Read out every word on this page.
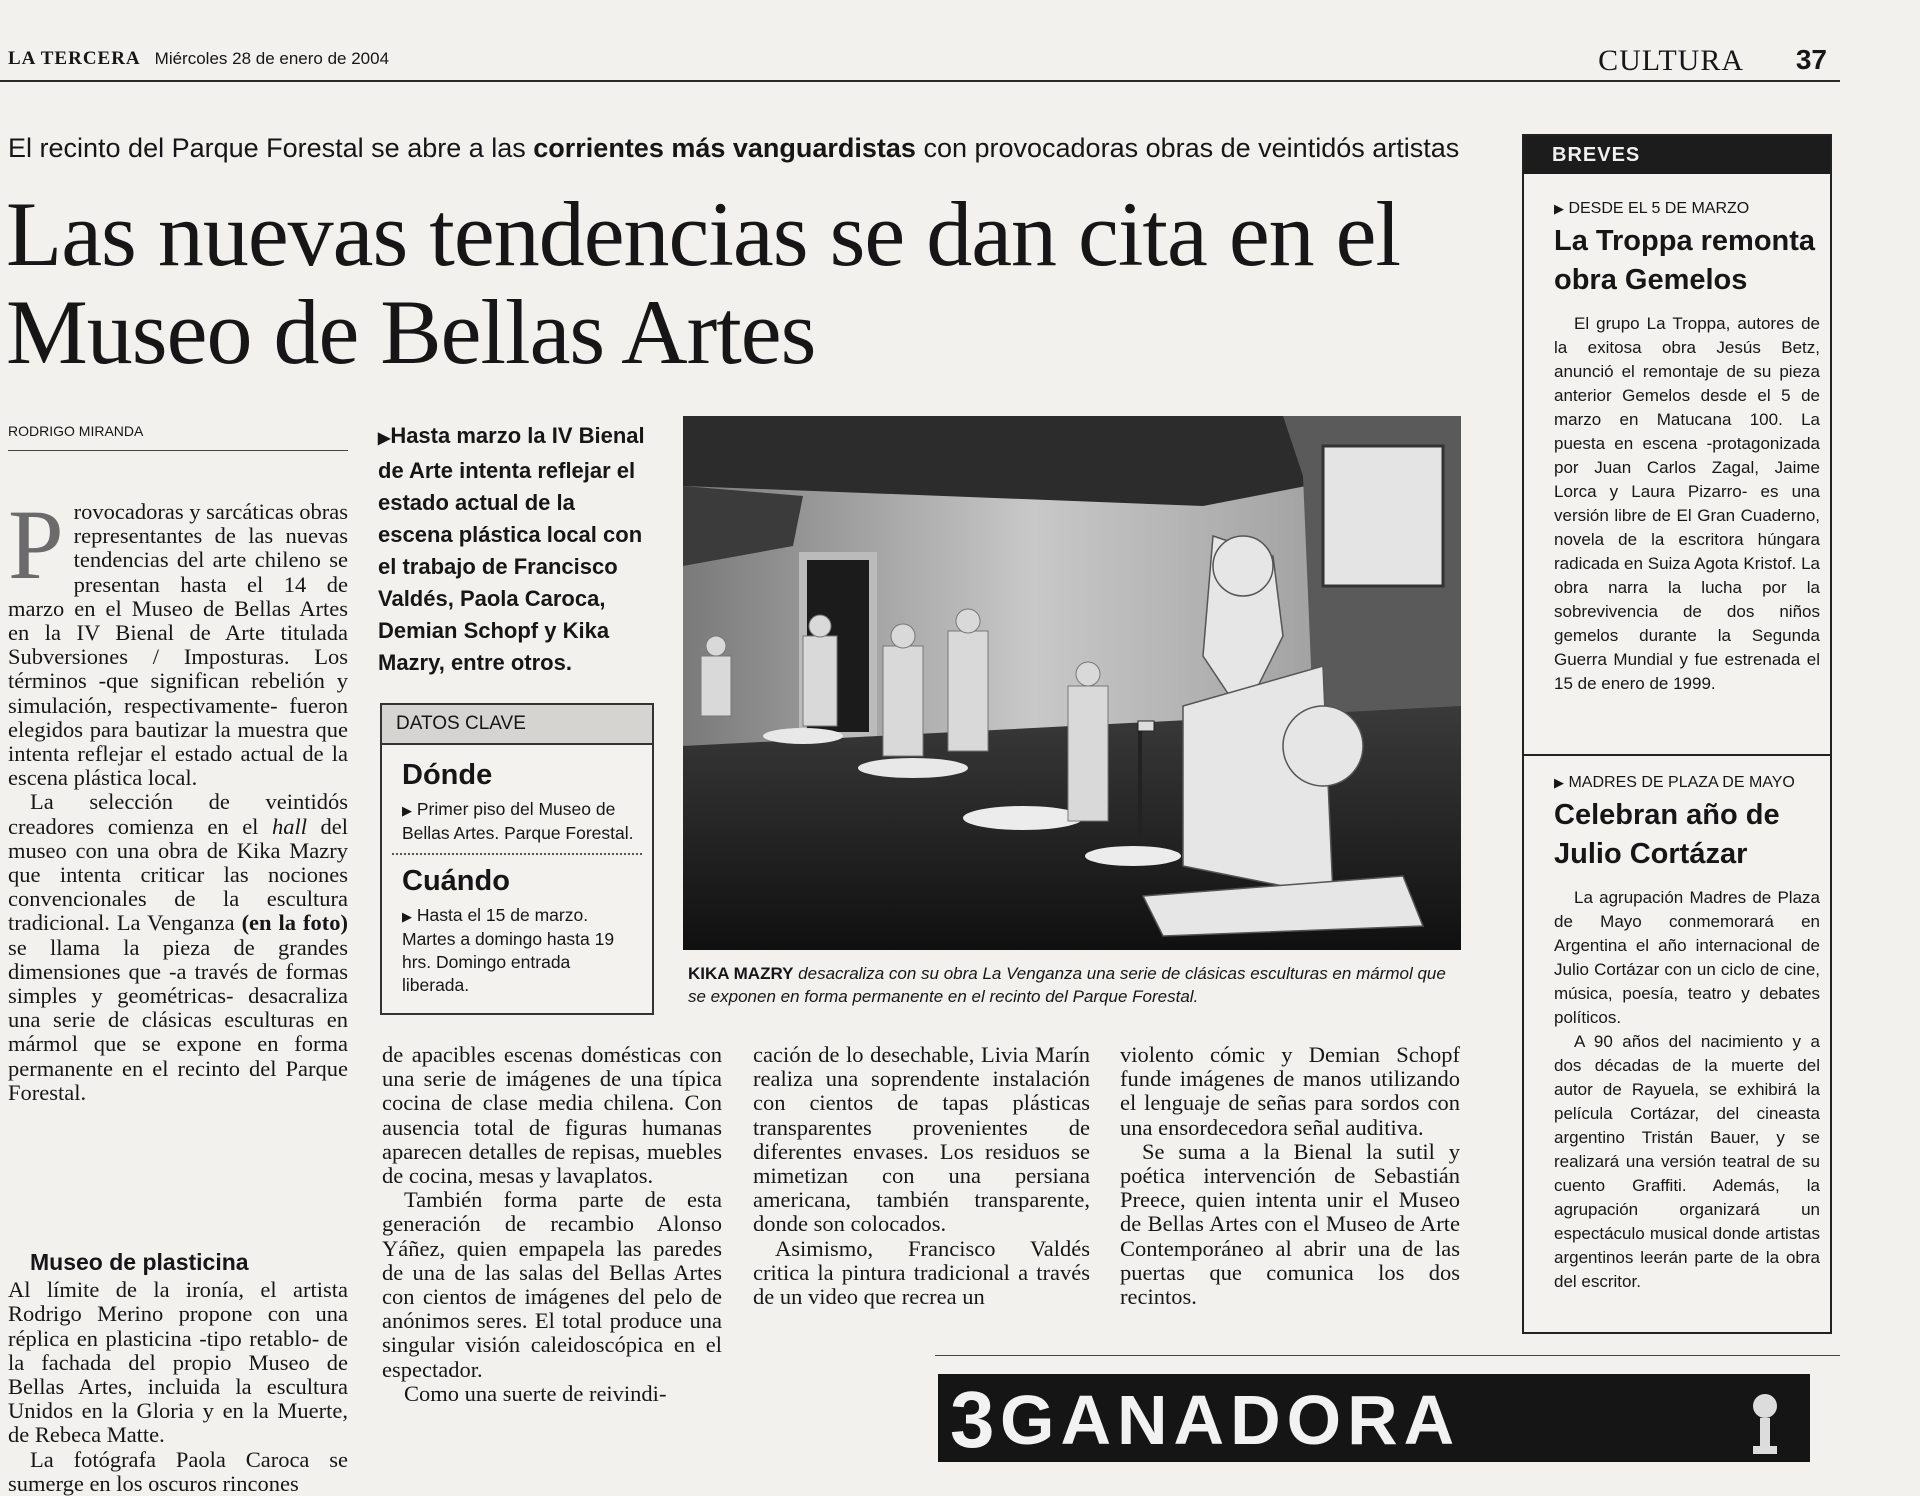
LA TERCERA Miércoles 28 de enero de 2004	CULTURA 37
El recinto del Parque Forestal se abre a las corrientes más vanguardistas con provocadoras obras de veintidós artistas
Las nuevas tendencias se dan cita en el Museo de Bellas Artes
RODRIGO MIRANDA

Provocadoras y sarcáticas obras representantes de las nuevas tendencias del arte chileno se presentan hasta el 14 de marzo en el Museo de Bellas Artes en la IV Bienal de Arte titulada Subversiones / Imposturas. Los términos -que significan rebelión y simulación, respectivamente- fueron elegidos para bautizar la muestra que intenta reflejar el estado actual de la escena plástica local.

La selección de veintidós creadores comienza en el hall del museo con una obra de Kika Mazry que intenta criticar las nociones convencionales de la escultura tradicional. La Venganza (en la foto) se llama la pieza de grandes dimensiones que -a través de formas simples y geométricas- desacraliza una serie de clásicas esculturas en mármol que se expone en forma permanente en el recinto del Parque Forestal.

Museo de plasticina

Al límite de la ironía, el artista Rodrigo Merino propone con una réplica en plasticina -tipo retablo- de la fachada del propio Museo de Bellas Artes, incluida la escultura Unidos en la Gloria y en la Muerte, de Rebeca Matte.

La fotógrafa Paola Caroca se sumerge en los oscuros rincones

▶Hasta marzo la IV Bienal de Arte intenta reflejar el estado actual de la escena plástica local con el trabajo de Francisco Valdés, Paola Caroca, Demian Schopf y Kika Mazry, entre otros.
DATOS CLAVE
Dónde

▶ Primer piso del Museo de Bellas Artes. Parque Forestal.

Cuándo

▶ Hasta el 15 de marzo. Martes a domingo hasta 19 hrs. Domingo entrada liberada.

KIKA MAZRY desacraliza con su obra La Venganza una serie de clásicas esculturas en mármol que se exponen en forma permanente en el recinto del Parque Forestal.

de apacibles escenas domésticas con una serie de imágenes de una típica cocina de clase media chilena. Con ausencia total de figuras humanas aparecen detalles de repisas, muebles de cocina, mesas y lavaplatos.

También forma parte de esta generación de recambio Alonso Yáñez, quien empapela las paredes de una de las salas del Bellas Artes con cientos de imágenes del pelo de anónimos seres. El total produce una singular visión caleidoscópica en el espectador.

Como una suerte de reivindi-

cación de lo desechable, Livia Marín realiza una soprendente instalación con cientos de tapas plásticas transparentes provenientes de diferentes envases. Los residuos se mimetizan con una persiana americana, también transparente, donde son colocados.

Asimismo, Francisco Valdés critica la pintura tradicional a través de un video que recrea un

violento cómic y Demian Schopf funde imágenes de manos utilizando el lenguaje de señas para sordos con una ensordecedora señal auditiva.

Se suma a la Bienal la sutil y poética intervención de Sebastián Preece, quien intenta unir el Museo de Bellas Artes con el Museo de Arte Contemporáneo al abrir una de las puertas que comunica los dos recintos.

BREVES
▶ DESDE EL 5 DE MARZO
La Troppa remonta obra Gemelos

El grupo La Troppa, autores de la exitosa obra Jesús Betz, anunció el remontaje de su pieza anterior Gemelos desde el 5 de marzo en Matucana 100. La puesta en escena -protagonizada por Juan Carlos Zagal, Jaime Lorca y Laura Pizarro- es una versión libre de El Gran Cuaderno, novela de la escritora húngara radicada en Suiza Agota Kristof. La obra narra la lucha por la sobrevivencia de dos niños gemelos durante la Segunda Guerra Mundial y fue estrenada el 15 de enero de 1999.

▶ MADRES DE PLAZA DE MAYO
Celebran año de Julio Cortázar

La agrupación Madres de Plaza de Mayo conmemorará en Argentina el año internacional de Julio Cortázar con un ciclo de cine, música, poesía, teatro y debates políticos.

A 90 años del nacimiento y a dos décadas de la muerte del autor de Rayuela, se exhibirá la película Cortázar, del cineasta argentino Tristán Bauer, y se realizará una versión teatral de su cuento Graffiti. Además, la agrupación organizará un espectáculo musical donde artistas argentinos leerán parte de la obra del escritor.

3 GANADORA
